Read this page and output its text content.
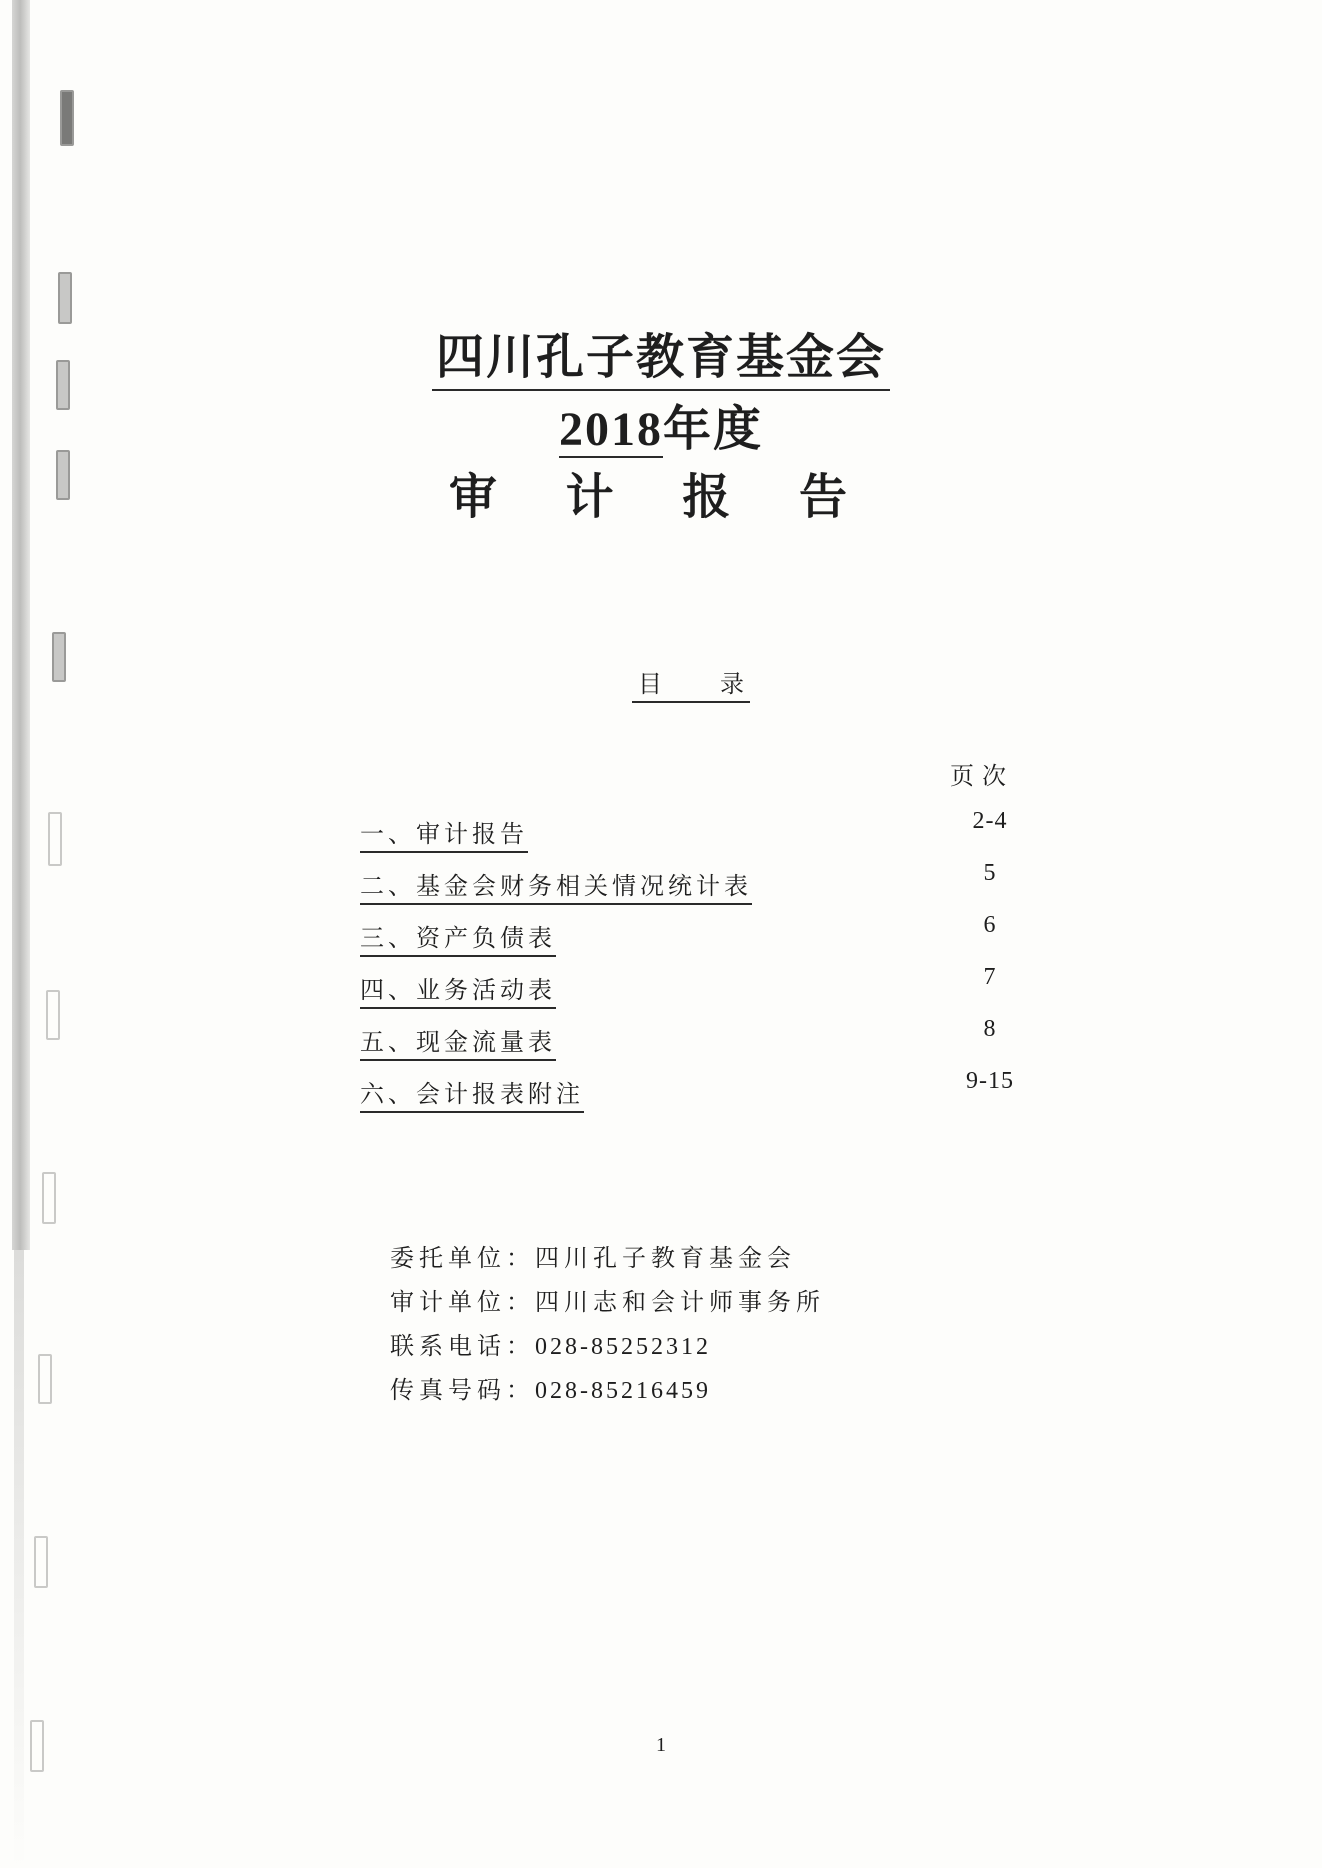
四川孔子教育基金会
2018年度
审 计 报 告
目 录
页次
一、审计报告	2-4
二、基金会财务相关情况统计表	5
三、资产负债表	6
四、业务活动表	7
五、现金流量表	8
六、会计报表附注	9-15
委托单位：四川孔子教育基金会
审计单位：四川志和会计师事务所
联系电话：028-85252312
传真号码：028-85216459
1
